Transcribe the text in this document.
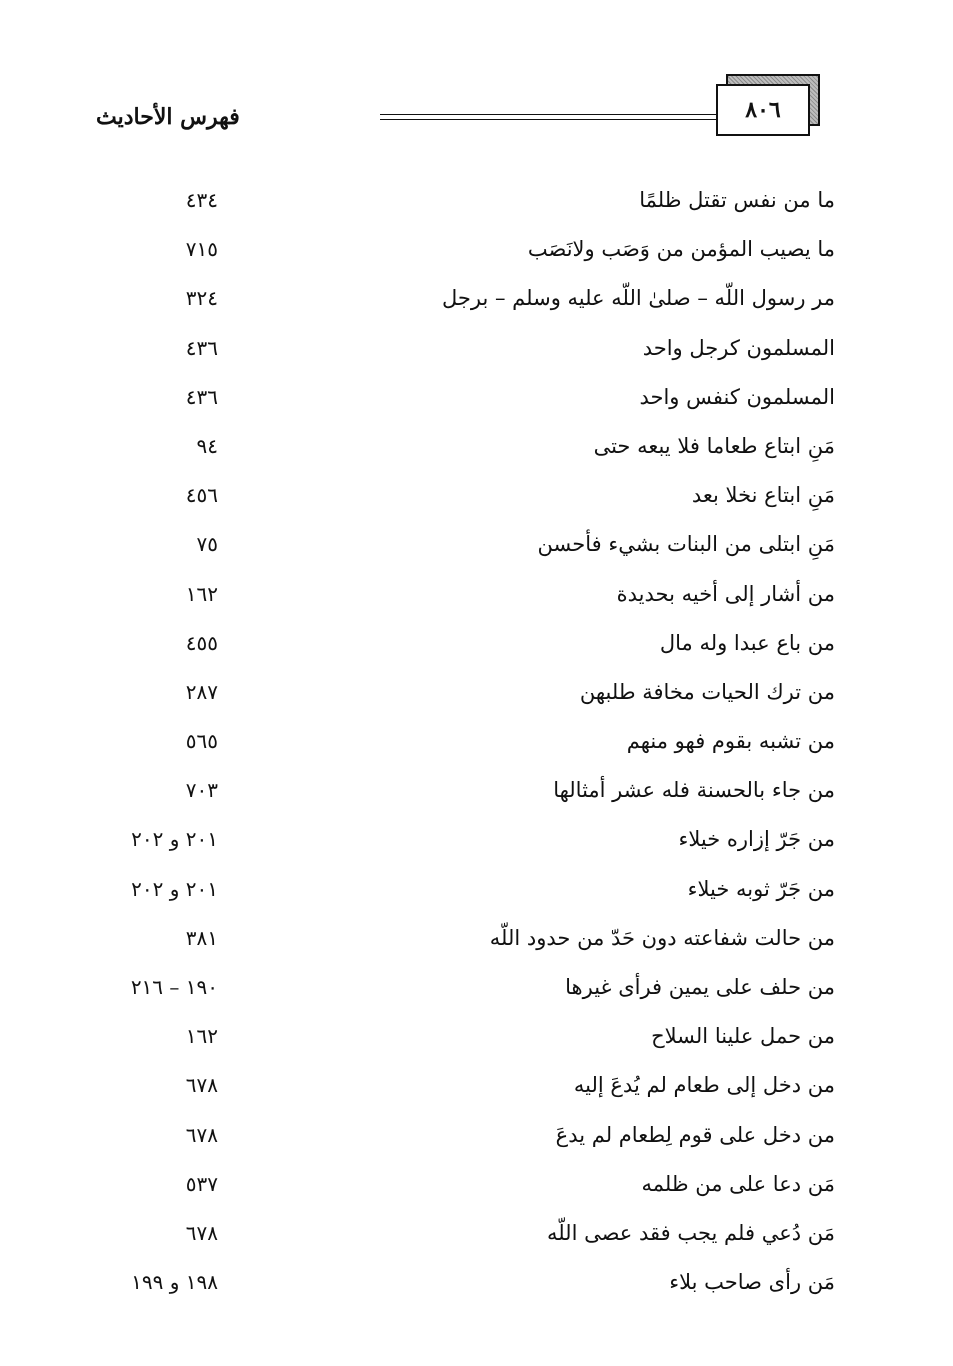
٨٠٦
فهرس الأحاديث
ما من نفس تقتل ظلمًا
٤٣٤
ما يصيب المؤمن من وَصَب ولانَصَب
٧١٥
مر رسول اللّه – صلىٰ اللّه عليه وسلم – برجل
٣٢٤
المسلمون كرجل واحد
٤٣٦
المسلمون كنفس واحد
٤٣٦
مَنِ ابتاع طعاما فلا يبعه حتى
٩٤
مَنِ ابتاع نخلا بعد
٤٥٦
مَنِ ابتلى من البنات بشيء فأحسن
٧٥
من أشار إلى أخيه بحديدة
١٦٢
من باع عبدا وله مال
٤٥٥
من ترك الحيات مخافة طلبهن
٢٨٧
من تشبه بقوم فهو منهم
٥٦٥
من جاء بالحسنة فله عشر أمثالها
٧٠٣
من جَرّ إزاره خيلاء
٢٠١ و ٢٠٢
من جَرّ ثوبه خيلاء
٢٠١ و ٢٠٢
من حالت شفاعته دون حَدّ من حدود اللّه
٣٨١
من حلف على يمين فرأى غيرها
١٩٠ – ٢١٦
من حمل علينا السلاح
١٦٢
من دخل إلى طعام لم يُدعَ إليه
٦٧٨
من دخل على قوم لِطعام لم يدعَ
٦٧٨
مَن دعا على من ظلمه
٥٣٧
مَن دُعي فلم يجب فقد عصى اللّه
٦٧٨
مَن رأى صاحب بلاء
١٩٨ و ١٩٩
